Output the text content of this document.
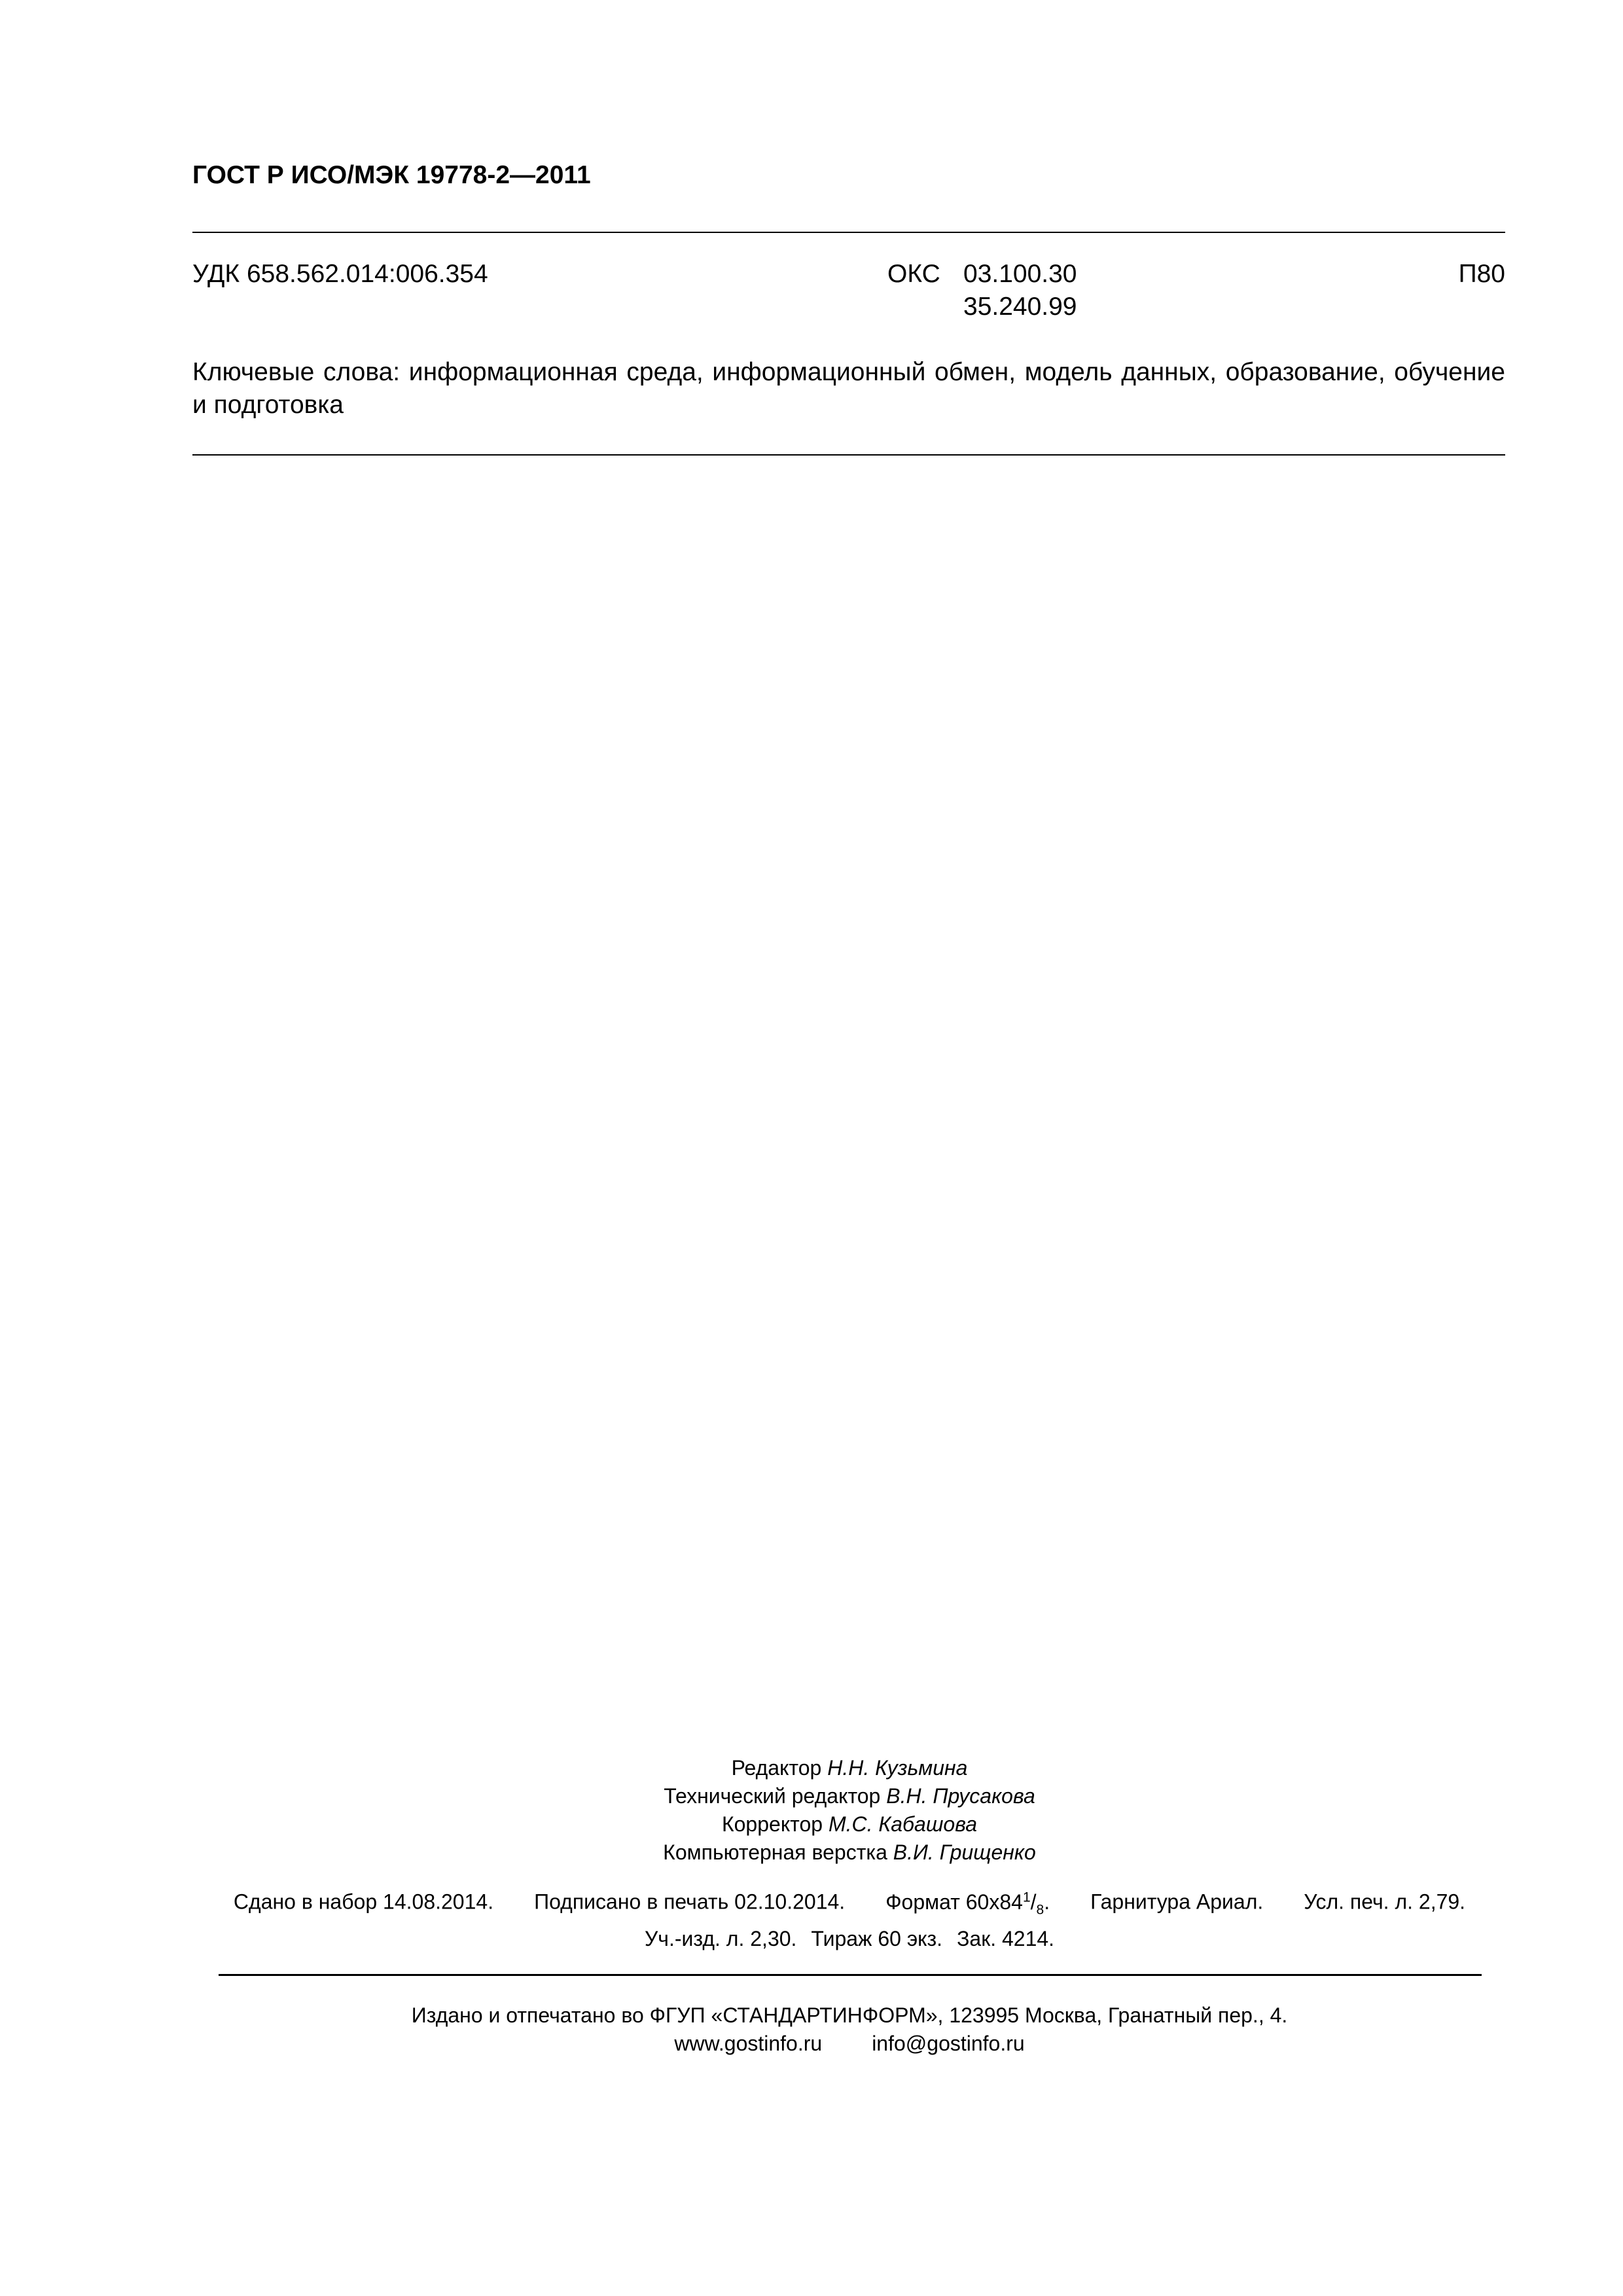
ГОСТ Р ИСО/МЭК 19778-2—2011
УДК 658.562.014:006.354	ОКС 03.100.30
35.240.99
П80
Ключевые слова: информационная среда, информационный обмен, модель данных, образование, обучение и подготовка
Редактор Н.Н. Кузьмина
Технический редактор В.Н. Прусакова
Корректор М.С. Кабашова
Компьютерная верстка В.И. Грищенко
Сдано в набор 14.08.2014. Подписано в печать 02.10.2014. Формат $60x84^1/_8$. Гарнитура Ариал. Усл. печ. л. 2,79.
Уч.-изд. л. 2,30. Тираж 60 экз. Зак. 4214.
Издано и отпечатано во ФГУП «СТАНДАРТИНФОРМ», 123995 Москва, Гранатный пер., 4.
www.gostinfo.ru info@gostinfo.ru
